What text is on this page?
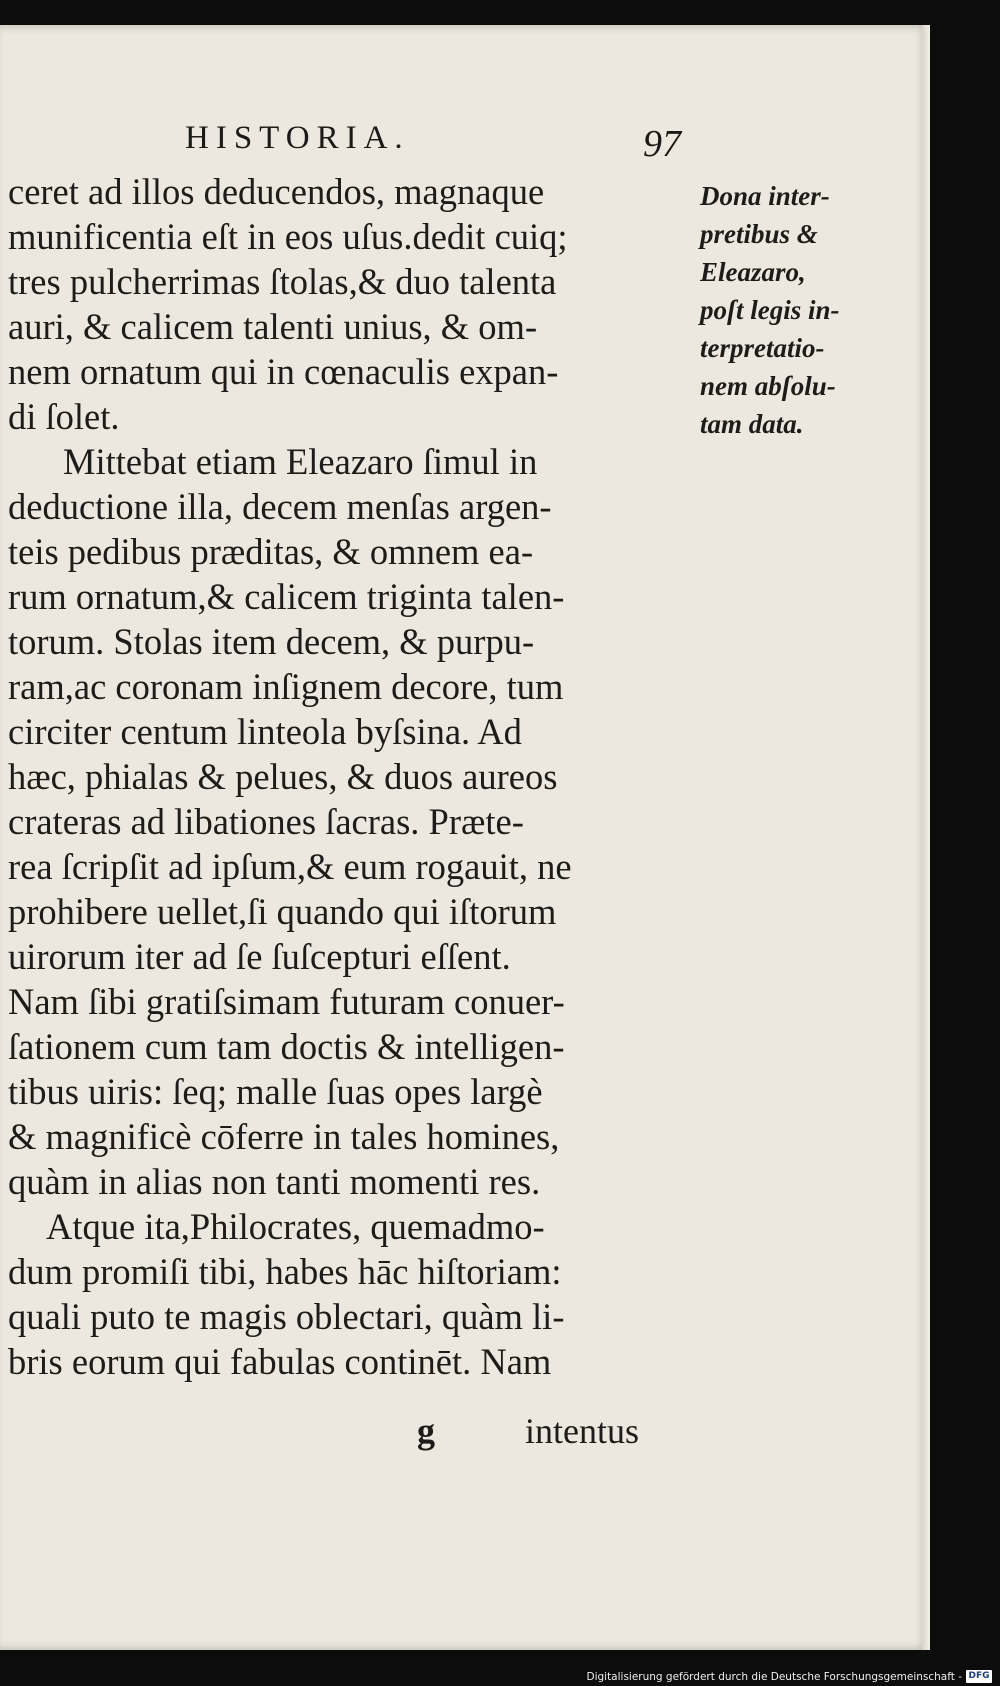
HISTORIA.	97
ceret ad illos deducendos, magnaque
munificentia eſt in eos uſus.dedit cuiq;
tres pulcherrimas ſtolas,& duo talenta
auri, & calicem talenti unius, & om-
nem ornatum qui in cœnaculis expan-
di ſolet.
Mittebat etiam Eleazaro ſimul in
deductione illa, decem menſas argen-
teis pedibus præditas, & omnem ea-
rum ornatum,& calicem triginta talen-
torum. Stolas item decem, & purpu-
ram,ac coronam inſignem decore, tum
circiter centum linteola byſsina. Ad
hæc, phialas & pelues, & duos aureos
crateras ad libationes ſacras. Præte-
rea ſcripſit ad ipſum,& eum rogauit, ne
prohibere uellet,ſi quando qui iſtorum
uirorum iter ad ſe ſuſcepturi eſſent.
Nam ſibi gratiſsimam futuram conuer-
ſationem cum tam doctis & intelligen-
tibus uiris: ſeq; malle ſuas opes largè
& magnificè cōferre in tales homines,
quàm in alias non tanti momenti res.
Atque ita,Philocrates, quemadmo-
dum promiſi tibi, habes hāc hiſtoriam:
quali puto te magis oblectari, quàm li-
bris eorum qui fabulas continēt. Nam
g	intentus
Dona inter-
pretibus &
Eleazaro,
poſt legis in-
terpretatio-
nem abſolu-
tam data.
Digitalisierung gefördert durch die Deutsche Forschungsgemeinschaft - DFG
